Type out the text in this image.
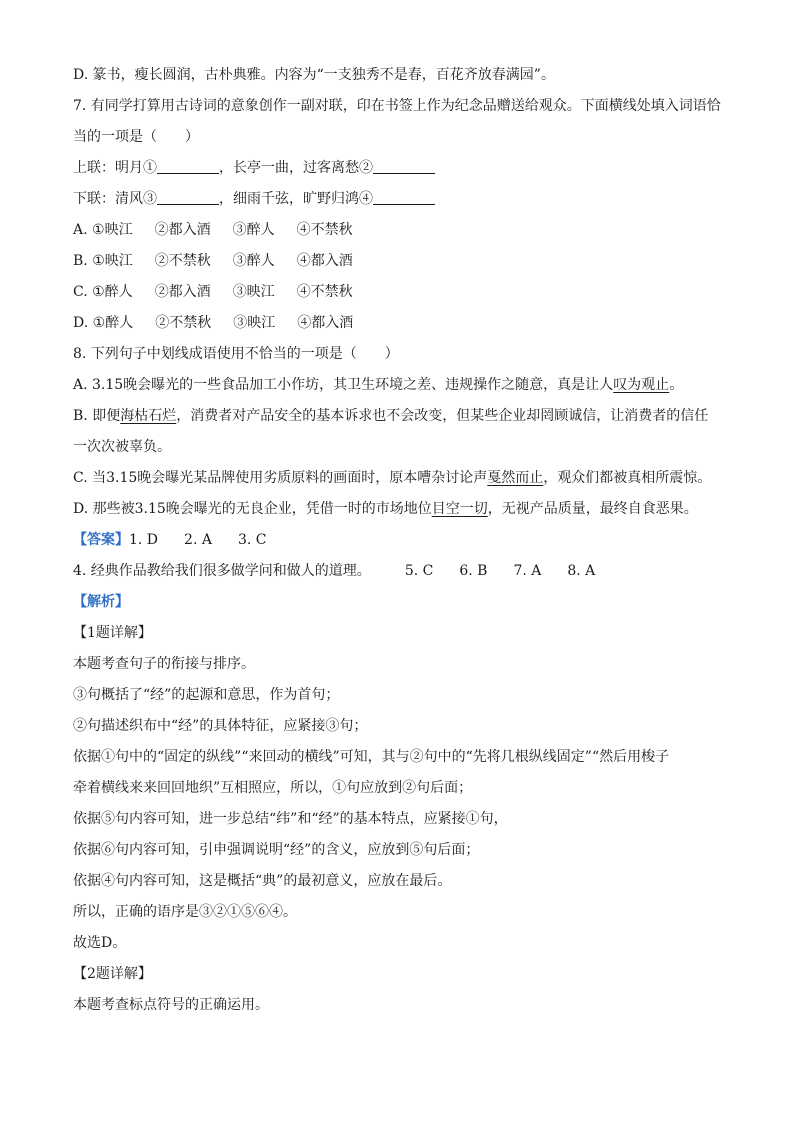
D. 篆书，瘦长圆润，古朴典雅。内容为“一支独秀不是春，百花齐放春满园”。
7. 有同学打算用古诗词的意象创作一副对联，印在书签上作为纪念品赠送给观众。下面横线处填入词语恰
当的一项是（　　）
上联：明月①	，长亭一曲，过客离愁②
下联：清风③	，细雨千弦，旷野归鸿④
A. ①映江 ②都入酒 ③醉人 ④不禁秋
B. ①映江 ②不禁秋 ③醉人 ④都入酒
C. ①醉人 ②都入酒 ③映江 ④不禁秋
D. ①醉人 ②不禁秋 ③映江 ④都入酒
8. 下列句子中划线成语使用不恰当的一项是（　　）
A. 3.15晚会曝光的一些食品加工小作坊，其卫生环境之差、违规操作之随意，真是让人叹为观止。
B. 即便海枯石烂，消费者对产品安全的基本诉求也不会改变，但某些企业却罔顾诚信，让消费者的信任
一次次被辜负。
C. 当3.15晚会曝光某品牌使用劣质原料的画面时，原本嘈杂讨论声戛然而止，观众们都被真相所震惊。
D. 那些被3.15晚会曝光的无良企业，凭借一时的市场地位目空一切，无视产品质量，最终自食恶果。
【答案】1. D 2. A 3. C
4. 经典作品教给我们很多做学问和做人的道理。 5. C 6. B 7. A 8. A
【解析】
【1题详解】
本题考查句子的衔接与排序。
③句概括了“经”的起源和意思，作为首句；
②句描述织布中“经”的具体特征，应紧接③句；
依据①句中的“固定的纵线”“来回动的横线”可知，其与②句中的“先将几根纵线固定”“然后用梭子
牵着横线来来回回地织”互相照应，所以，①句应放到②句后面；
依据⑤句内容可知，进一步总结“纬”和“经”的基本特点，应紧接①句，
依据⑥句内容可知，引申强调说明“经”的含义，应放到⑤句后面；
依据④句内容可知，这是概括“典”的最初意义，应放在最后。
所以，正确的语序是③②①⑤⑥④。
故选D。
【2题详解】
本题考查标点符号的正确运用。
